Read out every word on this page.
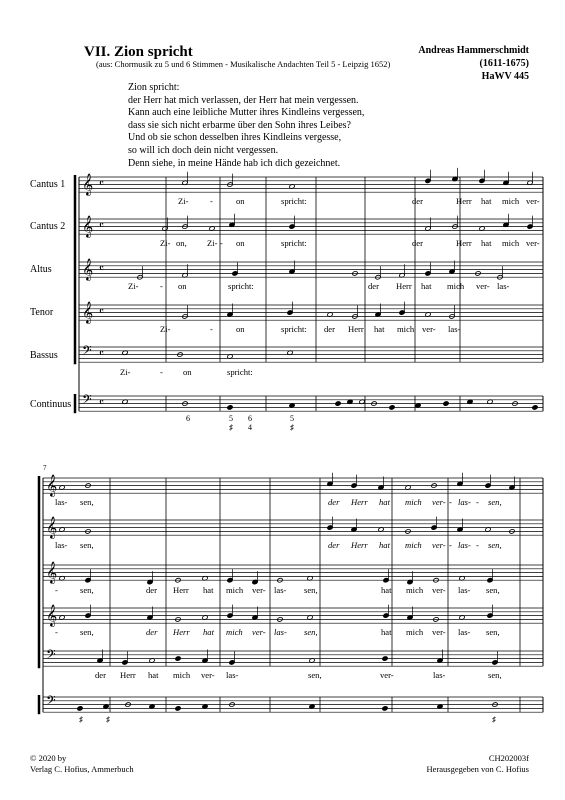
VII. Zion spricht
(aus: Chormusik zu 5 und 6 Stimmen - Musikalische Andachten Teil 5 - Leipzig 1652)
Andreas Hammerschmidt
(1611-1675)
HaWV 445
Zion spricht:
der Herr hat mich verlassen, der Herr hat mein vergessen.
Kann auch eine leibliche Mutter ihres Kindleins vergessen,
dass sie sich nicht erbarme über den Sohn ihres Leibes?
Und ob sie schon desselben ihres Kindleins vergesse,
so will ich doch dein nicht vergessen.
Denn siehe, in meine Hände hab ich dich gezeichnet.
Cantus 1
Cantus 2
Altus
Tenor
Bassus
Continuus
𝄞
𝄞
𝄞
𝄞
𝄢
𝄢
𝄴
𝄴
𝄴
𝄴
𝄴
𝄴
𝄞
𝄞
𝄞
𝄞
𝄢
𝄢
Zi-	-	on	spricht:	der	Herr hat mich ver-
Zi- on, Zi- - on	spricht:	der	Herr hat mich ver-
Zi-	- on	spricht:	der Herr hat mich ver- las-
Zi-	-	on	spricht: der Herr hat mich ver- las-
Zi-	- on	spricht:
6	5
♯
6
4
5
♯
7
las- sen,	der Herr hat mich ver- - las- - sen,
las- sen,	der Herr hat mich ver- - las- - sen,
-	sen,	der Herr hat mich ver- las- sen,	hat mich ver- las- sen,
-	sen,	der Herr hat mich ver- las- sen,	hat mich ver- las- sen,
der Herr hat mich ver- las-	sen,	ver-	las-	sen,
♯	♯	♯
© 2020 by
Verlag C. Hofius, Ammerbuch
CH202003f
Herausgegeben von C. Hofius
